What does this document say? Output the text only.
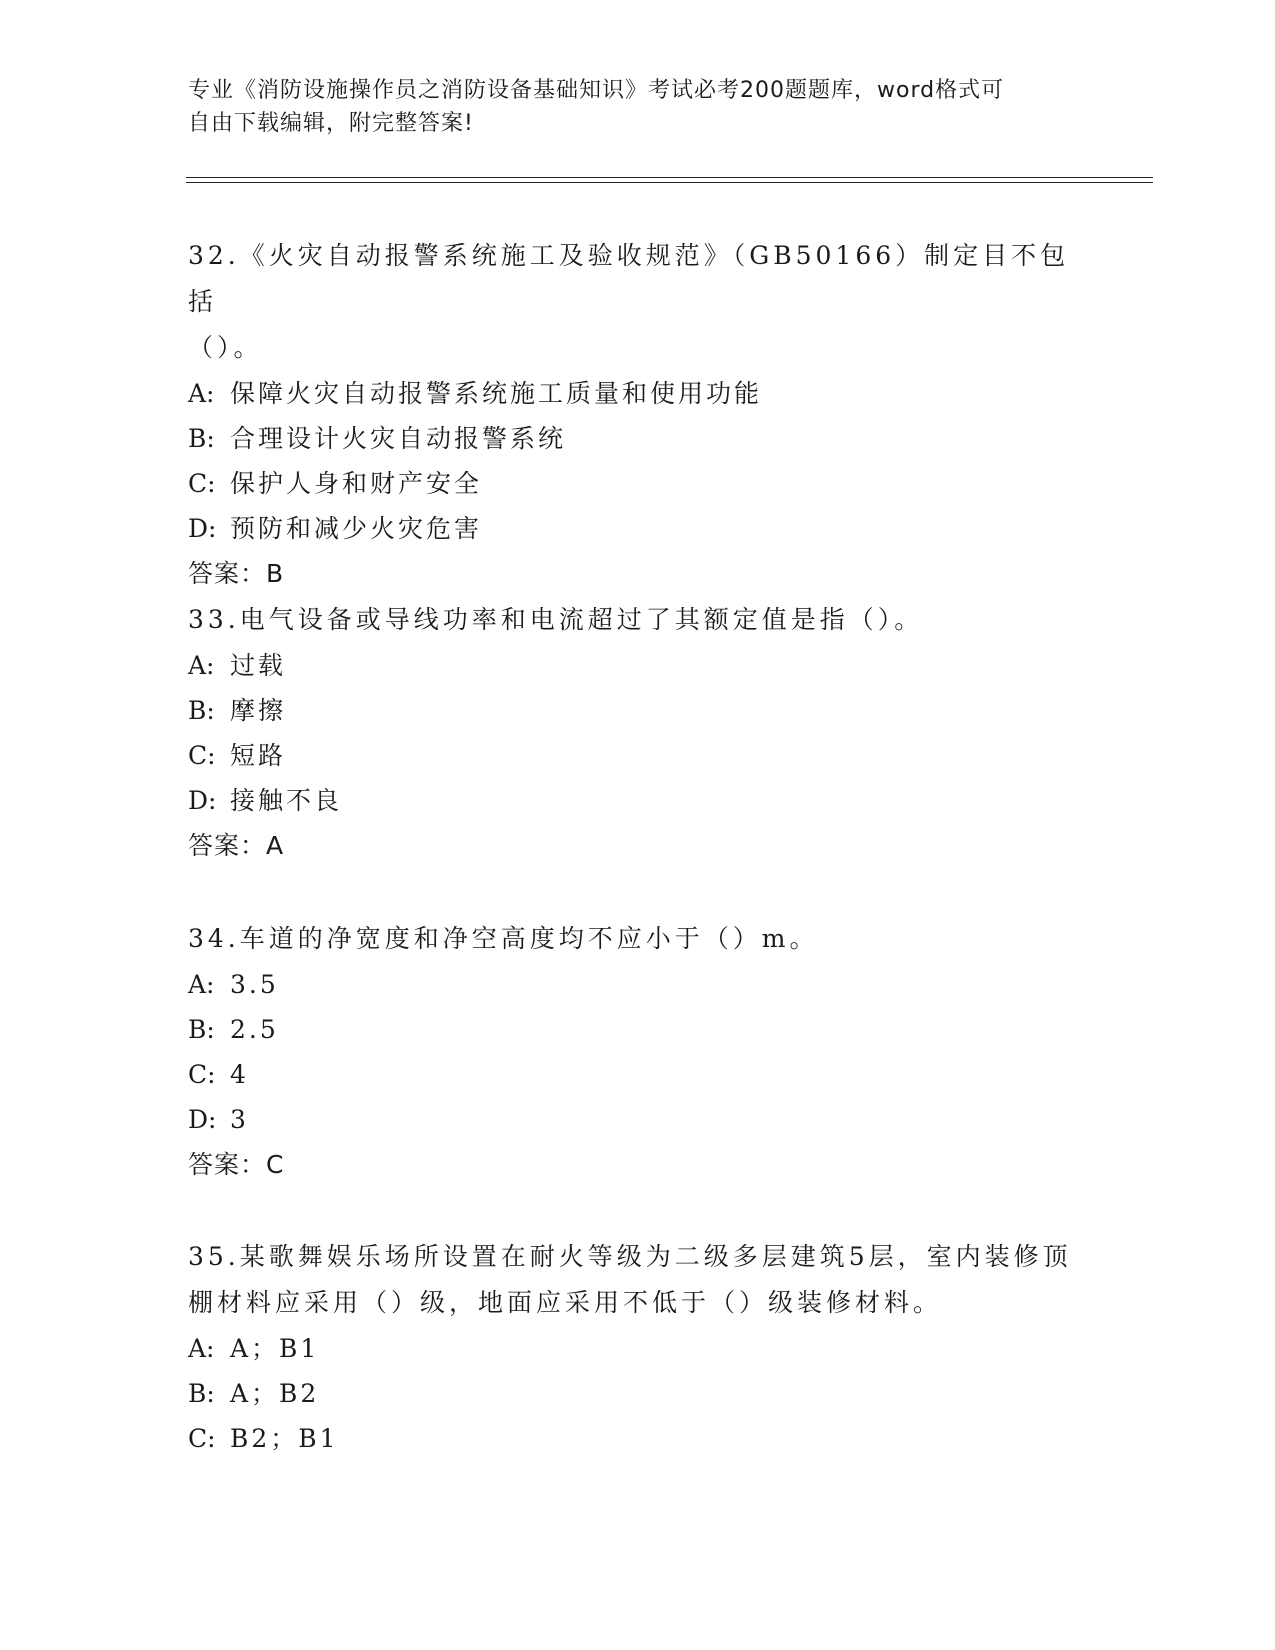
专业《消防设施操作员之消防设备基础知识》考试必考200题题库，word格式可
自由下载编辑，附完整答案!

32.《火灾自动报警系统施工及验收规范》（GB50166）制定目不包括

（）。

A: 保障火灾自动报警系统施工质量和使用功能

B: 合理设计火灾自动报警系统

C: 保护人身和财产安全

D: 预防和减少火灾危害

答案：B

33.电气设备或导线功率和电流超过了其额定值是指（）。

A: 过载

B: 摩擦

C: 短路

D: 接触不良

答案：A

34.车道的净宽度和净空高度均不应小于（）m。

A: 3.5

B: 2.5

C: 4

D: 3

答案：C

35.某歌舞娱乐场所设置在耐火等级为二级多层建筑5层，室内装修顶

棚材料应采用（）级，地面应采用不低于（）级装修材料。

A: A；B1

B: A；B2

C: B2；B1
